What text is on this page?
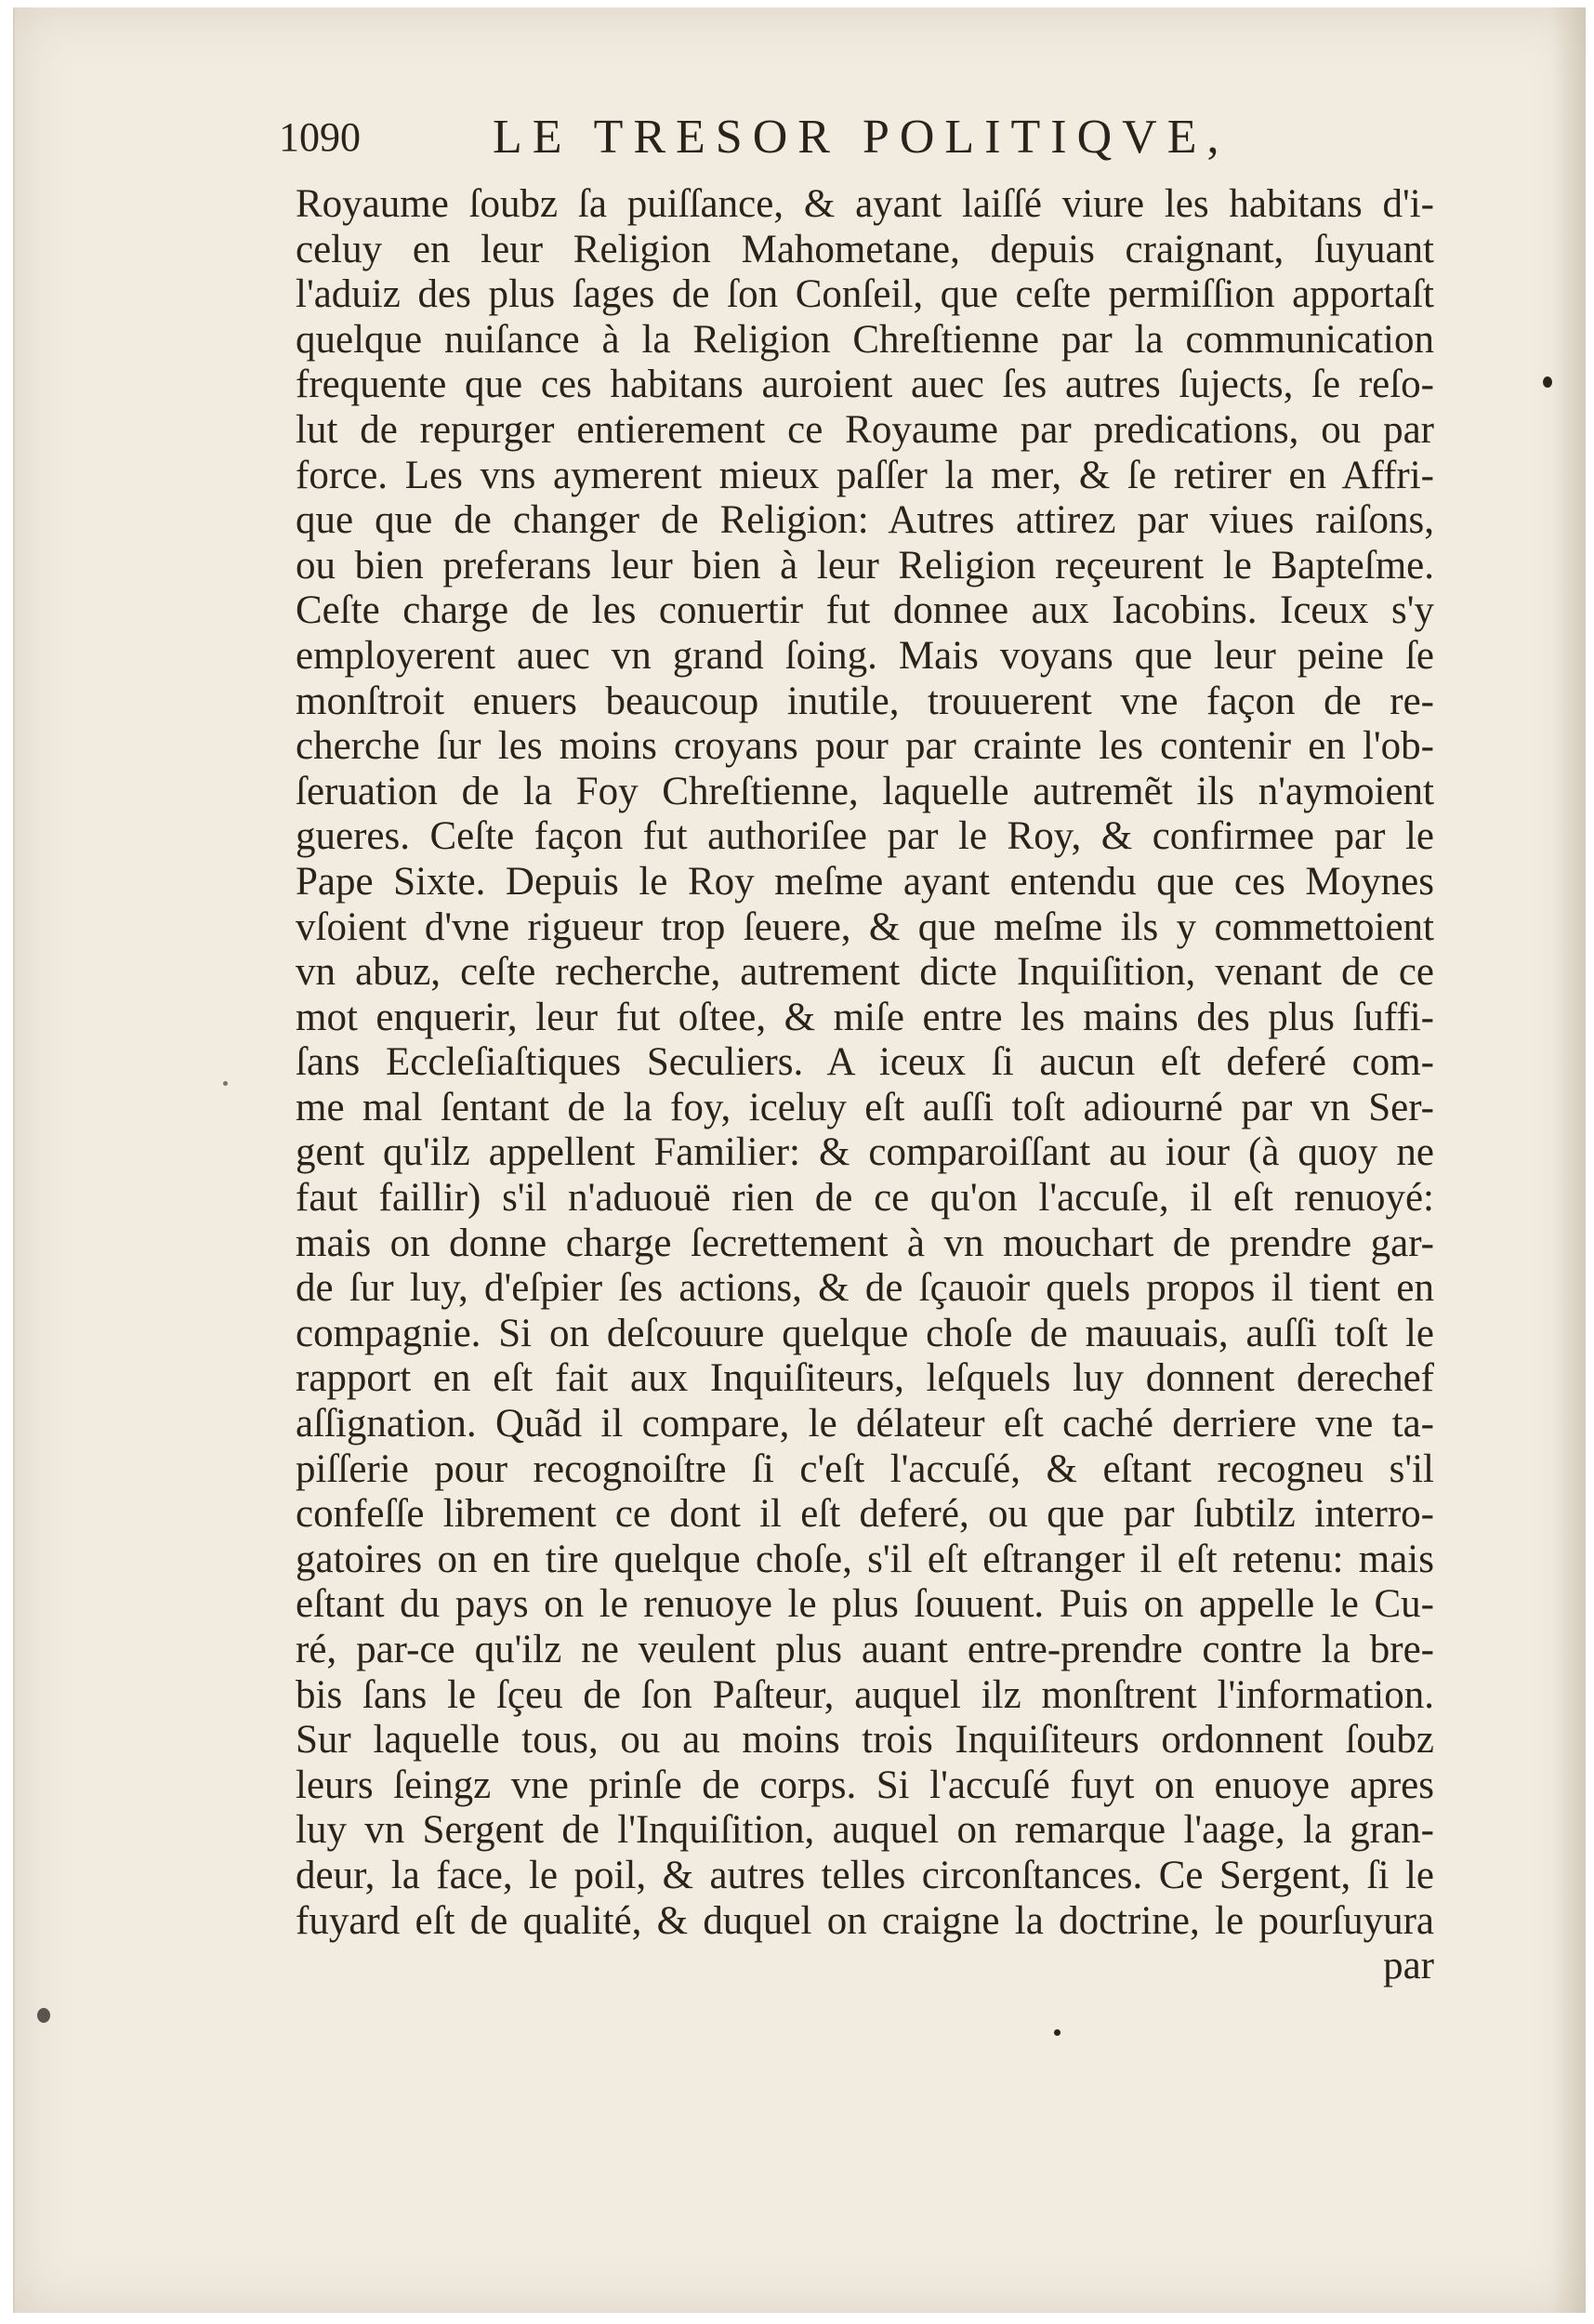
1090	LE TRESOR POLITIQVE,
Royaume ſoubz ſa puiſſance, & ayant laiſſé viure les habitans d'i-
celuy en leur Religion Mahometane, depuis craignant, ſuyuant
l'aduiz des plus ſages de ſon Conſeil, que ceſte permiſſion apportaſt
quelque nuiſance à la Religion Chreſtienne par la communication
frequente que ces habitans auroient auec ſes autres ſujects, ſe reſo-
lut de repurger entierement ce Royaume par predications, ou par
force. Les vns aymerent mieux paſſer la mer, & ſe retirer en Affri-
que que de changer de Religion: Autres attirez par viues raiſons,
ou bien preferans leur bien à leur Religion reçeurent le Bapteſme.
Ceſte charge de les conuertir fut donnee aux Iacobins. Iceux s'y
employerent auec vn grand ſoing. Mais voyans que leur peine ſe
monſtroit enuers beaucoup inutile, trouuerent vne façon de re-
cherche ſur les moins croyans pour par crainte les contenir en l'ob-
ſeruation de la Foy Chreſtienne, laquelle autremẽt ils n'aymoient
gueres. Ceſte façon fut authoriſee par le Roy, & confirmee par le
Pape Sixte. Depuis le Roy meſme ayant entendu que ces Moynes
vſoient d'vne rigueur trop ſeuere, & que meſme ils y commettoient
vn abuz, ceſte recherche, autrement dicte Inquiſition, venant de ce
mot enquerir, leur fut oſtee, & miſe entre les mains des plus ſuffi-
ſans Eccleſiaſtiques Seculiers. A iceux ſi aucun eſt deferé com-
me mal ſentant de la foy, iceluy eſt auſſi toſt adiourné par vn Ser-
gent qu'ilz appellent Familier: & comparoiſſant au iour (à quoy ne
faut faillir) s'il n'aduouë rien de ce qu'on l'accuſe, il eſt renuoyé:
mais on donne charge ſecrettement à vn mouchart de prendre gar-
de ſur luy, d'eſpier ſes actions, & de ſçauoir quels propos il tient en
compagnie. Si on deſcouure quelque choſe de mauuais, auſſi toſt le
rapport en eſt fait aux Inquiſiteurs, leſquels luy donnent derechef
aſſignation. Quãd il compare, le délateur eſt caché derriere vne ta-
piſſerie pour recognoiſtre ſi c'eſt l'accuſé, & eſtant recogneu s'il
confeſſe librement ce dont il eſt deferé, ou que par ſubtilz interro-
gatoires on en tire quelque choſe, s'il eſt eſtranger il eſt retenu: mais
eſtant du pays on le renuoye le plus ſouuent. Puis on appelle le Cu-
ré, par-ce qu'ilz ne veulent plus auant entre-prendre contre la bre-
bis ſans le ſçeu de ſon Paſteur, auquel ilz monſtrent l'information.
Sur laquelle tous, ou au moins trois Inquiſiteurs ordonnent ſoubz
leurs ſeingz vne prinſe de corps. Si l'accuſé fuyt on enuoye apres
luy vn Sergent de l'Inquiſition, auquel on remarque l'aage, la gran-
deur, la face, le poil, & autres telles circonſtances. Ce Sergent, ſi le
fuyard eſt de qualité, & duquel on craigne la doctrine, le pourſuyura
par
